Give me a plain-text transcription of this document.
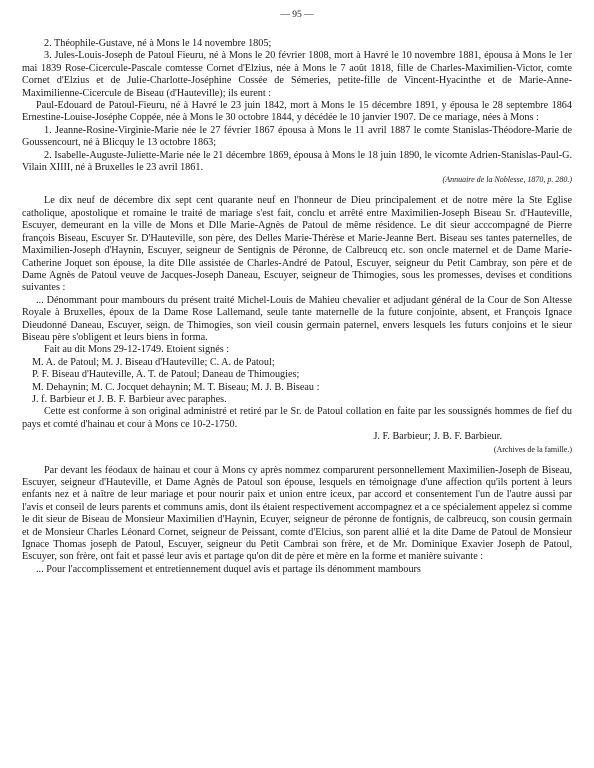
— 95 —

2. Théophile-Gustave, né à Mons le 14 novembre 1805;

3. Jules-Louis-Joseph de Patoul Fieuru, né à Mons le 20 février 1808, mort à Havré le 10 novembre 1881, épousa à Mons le 1er mai 1839 Rose-Cicercule-Pascale comtesse Cornet d'Elzius, née à Mons le 7 août 1818, fille de Charles-Maximilien-Victor, comte Cornet d'Elzius et de Julie-Charlotte-Joséphine Cossée de Sémeries, petite-fille de Vincent-Hyacinthe et de Marie-Anne-Maximilienne-Cicercule de Biseau (d'Hauteville); ils eurent :

Paul-Edouard de Patoul-Fieuru, né à Havré le 23 juin 1842, mort à Mons le 15 décembre 1891, y épousa le 28 septembre 1864 Ernestine-Louise-Joséphe Coppée, née à Mons le 30 octobre 1844, y décédée le 10 janvier 1907. De ce mariage, nées à Mons :

1. Jeanne-Rosine-Virginie-Marie née le 27 février 1867 épousa à Mons le 11 avril 1887 le comte Stanislas-Théodore-Marie de Goussencourt, né à Blicquy le 13 octobre 1863;

2. Isabelle-Auguste-Juliette-Marie née le 21 décembre 1869, épousa à Mons le 18 juin 1890, le vicomte Adrien-Stanislas-Paul-G. Vilain XIIII, né à Bruxelles le 23 avril 1861.

(Annuaire de la Noblesse, 1870, p. 280.)

Le dix neuf de décembre dix sept cent quarante neuf en l'honneur de Dieu principalement et de notre mère la Ste Eglise catholique, apostolique et romaine le traité de mariage s'est fait, conclu et arrêté entre Maximilien-Joseph Biseau Sr. d'Hauteville, Escuyer, demeurant en la ville de Mons et Dlle Marie-Agnès de Patoul de même résidence. Le dit sieur acccompagné de Pierre françois Biseau, Escuyer Sr. D'Hauteville, son père, des Delles Marie-Thérèse et Marie-Jeanne Bert. Biseau ses tantes paternelles, de Maximilien-Joseph d'Haynin, Escuyer, seigneur de Sentignis de Péronne, de Calbreucq etc. son oncle maternel et de Dame Marie-Catherine Joquet son épouse, la dite Dlle assistée de Charles-André de Patoul, Escuyer, seigneur du Petit Cambray, son père et de Dame Agnès de Patoul veuve de Jacques-Joseph Daneau, Escuyer, seigneur de Thimogies, sous les promesses, devises et conditions suivantes :

... Dénommant pour mambours du présent traité Michel-Louis de Mahieu chevalier et adjudant général de la Cour de Son Altesse Royale à Bruxelles, époux de la Dame Rose Lallemand, seule tante maternelle de la future conjointe, absent, et François Ignace Dieudonné Daneau, Escuyer, seign. de Thimogies, son vieil cousin germain paternel, envers lesquels les futurs conjoins et le sieur Biseau père s'obligent et leurs biens in forma.

Fait au dit Mons 29-12-1749. Etoient signés :

M. A. de Patoul; M. J. Biseau d'Hauteville; C. A. de Patoul;

P. F. Biseau d'Hauteville, A. T. de Patoul; Daneau de Thimougies;

M. Dehaynin; M. C. Jocquet dehaynin; M. T. Biseau; M. J. B. Biseau :

J. f. Barbieur et J. B. F. Barbieur avec paraphes.

Cette est conforme à son original administré et retiré par le Sr. de Patoul collation en faite par les soussignés hommes de fief du pays et comté d'hainau et cour à Mons ce 10-2-1750.

J. F. Barbieur; J. B. F. Barbieur.

(Archives de la famille.)

Par devant les féodaux de hainau et cour à Mons cy après nommez comparurent personnellement Maximilien-Joseph de Biseau, Escuyer, seigneur d'Hauteville, et Dame Agnès de Patoul son épouse, lesquels en témoignage d'une affection qu'ils portent à leurs enfants nez et à naître de leur mariage et pour nourir paix et union entre iceux, par accord et consentement l'un de l'autre aussi par l'avis et conseil de leurs parents et communs amis, dont ils étaient respectivement accompagnez et a ce spécialement appelez si comme le dit sieur de Biseau de Monsieur Maximilien d'Haynin, Ecuyer, seigneur de péronne de fontignis, de calbreucq, son cousin germain et de Monsieur Charles Léonard Cornet, seigneur de Peissant, comte d'Elcius, son parent allié et la dite Dame de Patoul de Monsieur Ignace Thomas joseph de Patoul, Escuyer, seigneur du Petit Cambrai son frère, et de Mr. Dominique Exavier Joseph de Patoul, Escuyer, son frère, ont fait et passé leur avis et partage qu'on dit de père et mère en la forme et manière suivante :

... Pour l'accomplissement et entretiennement duquel avis et partage ils dénomment mambours
